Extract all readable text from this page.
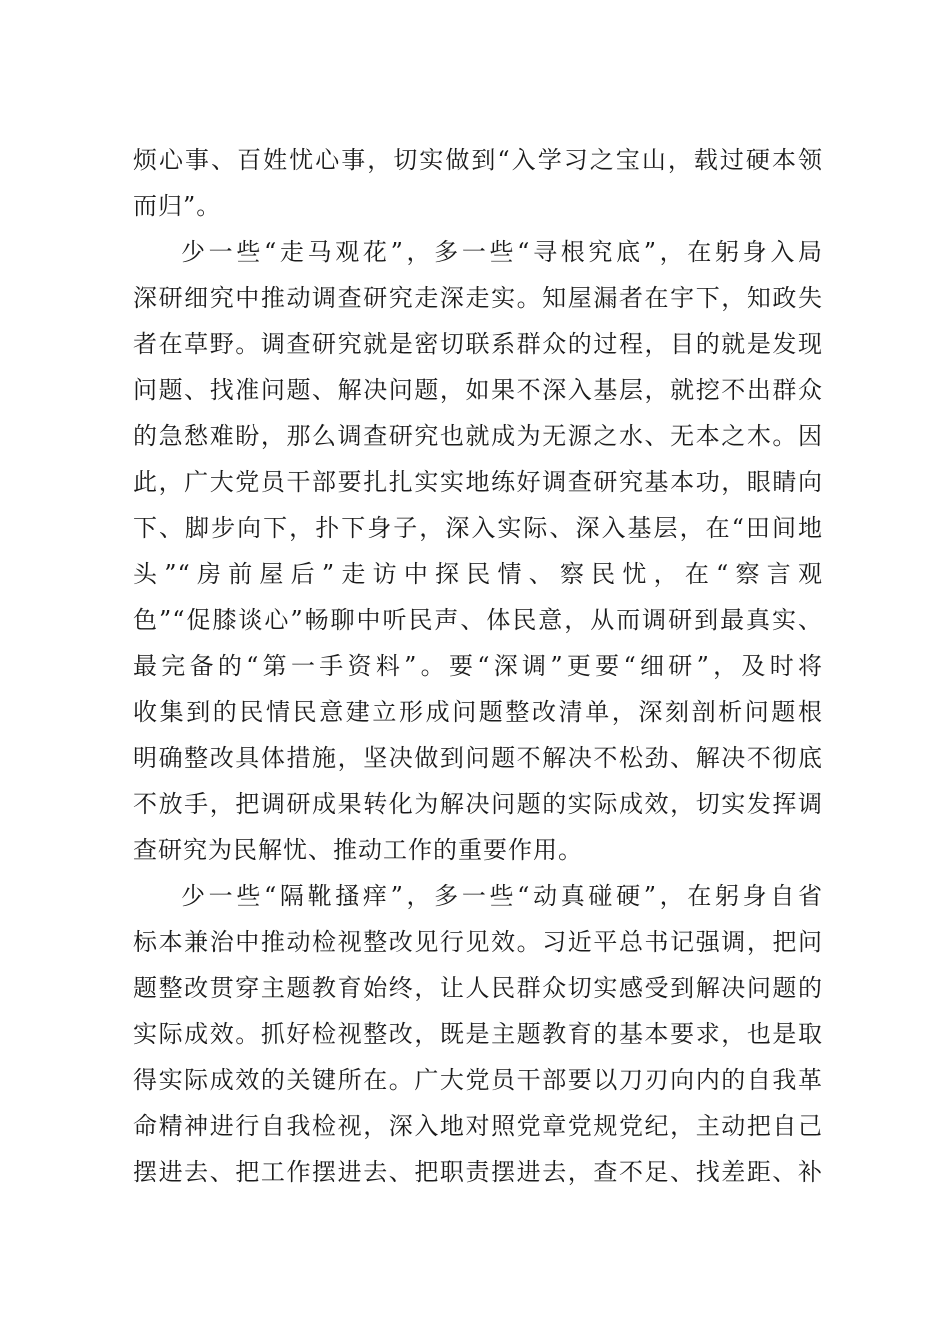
烦心事、百姓忧心事，切实做到“入学习之宝山，载过硬本领
而归”。
少一些“走马观花”，多一些“寻根究底”，在躬身入局
深研细究中推动调查研究走深走实。知屋漏者在宇下，知政失
者在草野。调查研究就是密切联系群众的过程，目的就是发现
问题、找准问题、解决问题，如果不深入基层，就挖不出群众
的急愁难盼，那么调查研究也就成为无源之水、无本之木。因
此，广大党员干部要扎扎实实地练好调查研究基本功，眼睛向
下、脚步向下，扑下身子，深入实际、深入基层，在“田间地
头”“房前屋后”走访中探民情、察民忧，在“察言观
色”“促膝谈心”畅聊中听民声、体民意，从而调研到最真实、
最完备的“第一手资料”。要“深调”更要“细研”，及时将
收集到的民情民意建立形成问题整改清单，深刻剖析问题根
明确整改具体措施，坚决做到问题不解决不松劲、解决不彻底
不放手，把调研成果转化为解决问题的实际成效，切实发挥调
查研究为民解忧、推动工作的重要作用。
少一些“隔靴搔痒”，多一些“动真碰硬”，在躬身自省
标本兼治中推动检视整改见行见效。习近平总书记强调，把问
题整改贯穿主题教育始终，让人民群众切实感受到解决问题的
实际成效。抓好检视整改，既是主题教育的基本要求，也是取
得实际成效的关键所在。广大党员干部要以刀刃向内的自我革
命精神进行自我检视，深入地对照党章党规党纪，主动把自己
摆进去、把工作摆进去、把职责摆进去，查不足、找差距、补
